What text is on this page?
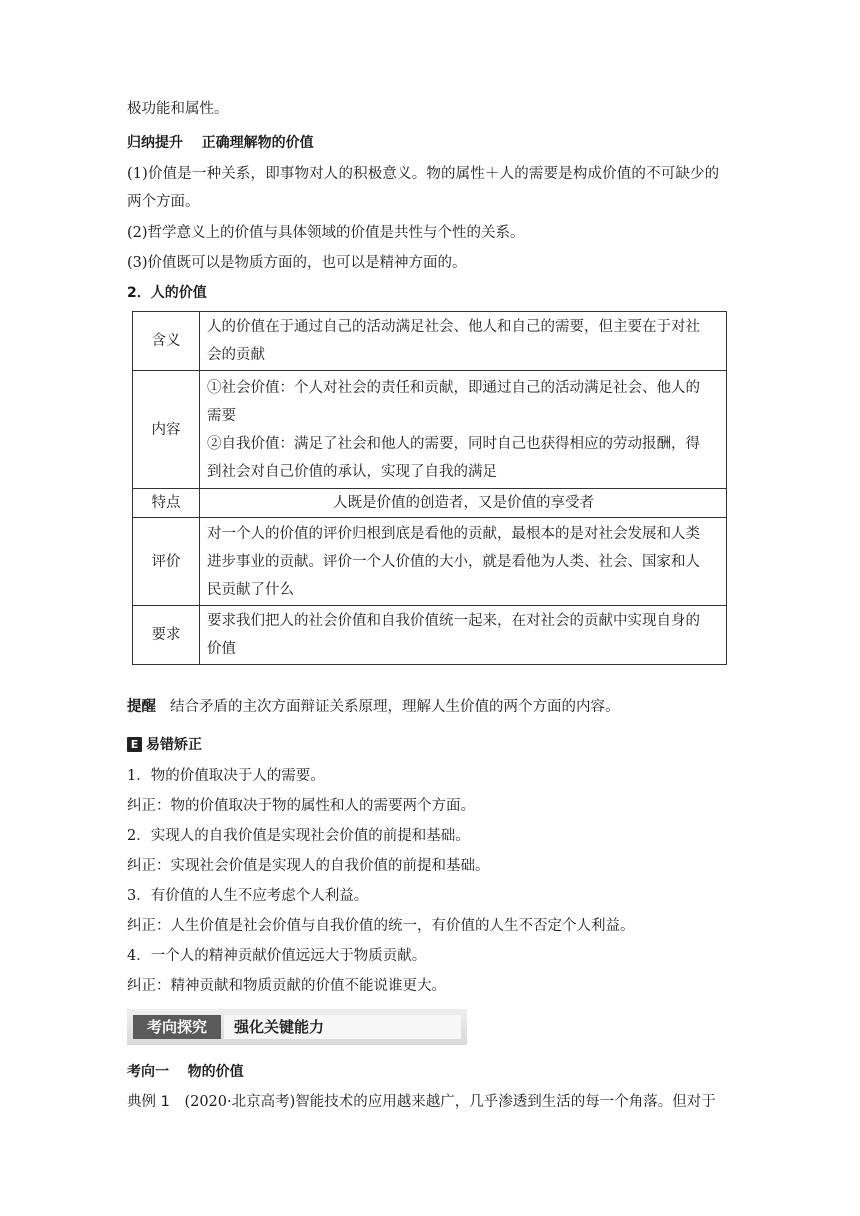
极功能和属性。
归纳提升 正确理解物的价值
(1)价值是一种关系，即事物对人的积极意义。物的属性＋人的需要是构成价值的不可缺少的
两个方面。
(2)哲学意义上的价值与具体领域的价值是共性与个性的关系。
(3)价值既可以是物质方面的，也可以是精神方面的。
2．人的价值
含义	人的价值在于通过自己的活动满足社会、他人和自己的需要，但主要在于对社
会的贡献

内容	①社会价值：个人对社会的责任和贡献，即通过自己的活动满足社会、他人的
需要
②自我价值：满足了社会和他人的需要，同时自己也获得相应的劳动报酬，得
到社会对自己价值的承认，实现了自我的满足

特点	人既是价值的创造者，又是价值的享受者

评价	对一个人的价值的评价归根到底是看他的贡献，最根本的是对社会发展和人类
进步事业的贡献。评价一个人价值的大小，就是看他为人类、社会、国家和人
民贡献了什么

要求	要求我们把人的社会价值和自我价值统一起来，在对社会的贡献中实现自身的
价值
提醒 结合矛盾的主次方面辩证关系原理，理解人生价值的两个方面的内容。
E 易错矫正
1．物的价值取决于人的需要。
纠正：物的价值取决于物的属性和人的需要两个方面。
2．实现人的自我价值是实现社会价值的前提和基础。
纠正：实现社会价值是实现人的自我价值的前提和基础。
3．有价值的人生不应考虑个人利益。
纠正：人生价值是社会价值与自我价值的统一，有价值的人生不否定个人利益。
4．一个人的精神贡献价值远远大于物质贡献。
纠正：精神贡献和物质贡献的价值不能说谁更大。
考向探究	强化关键能力
考向一 物的价值
典例 1 (2020·北京高考)智能技术的应用越来越广，几乎渗透到生活的每一个角落。但对于
